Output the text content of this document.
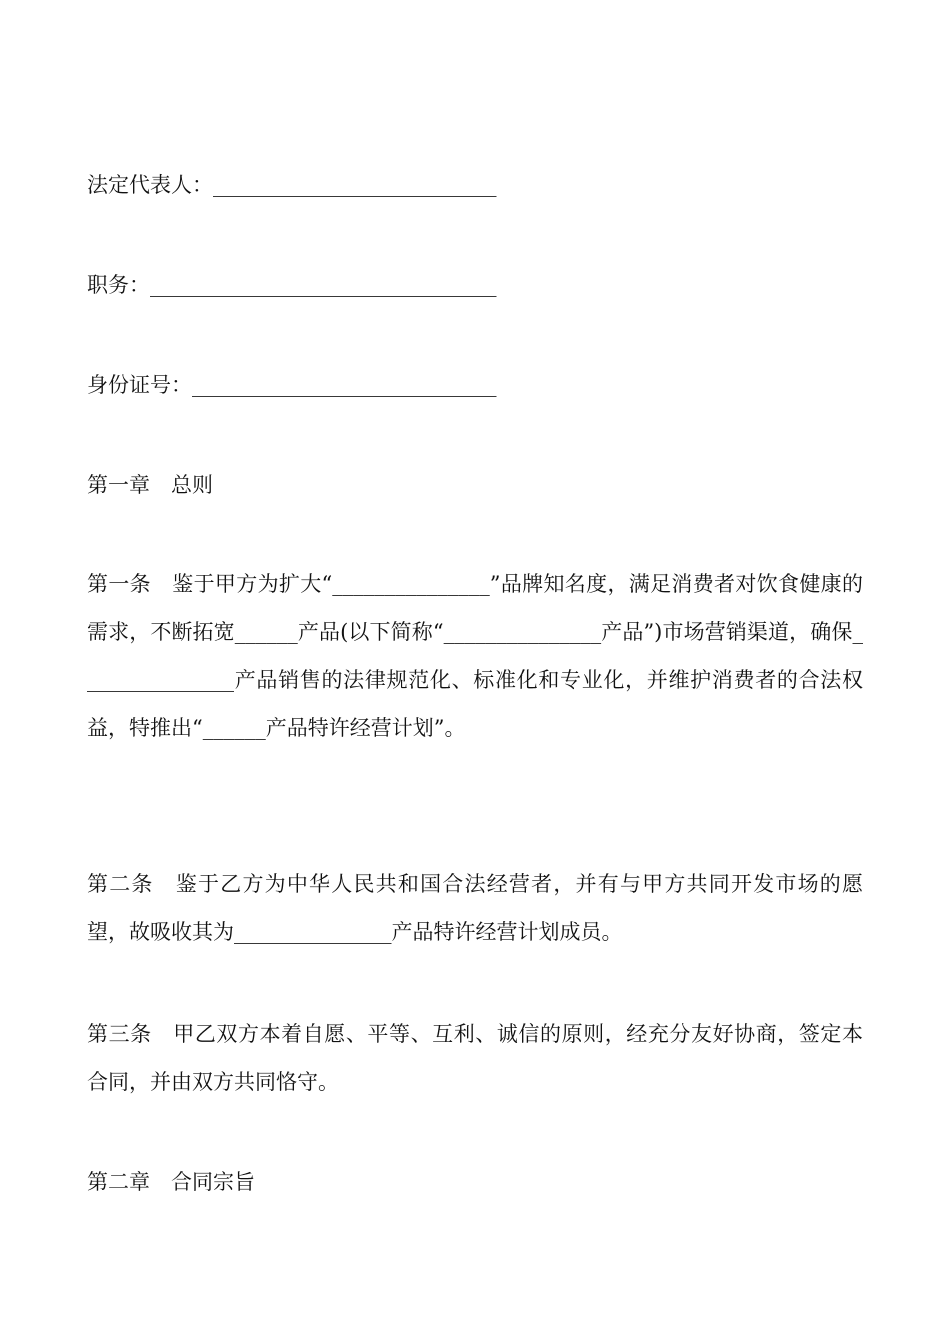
法定代表人：___________________________
职务：_________________________________
身份证号：_____________________________
第一章　总则

第一条　鉴于甲方为扩大“_______________”品牌知名度，满足消费者对饮食健康的需求，不断拓宽______产品(以下简称“_______________产品”)市场营销渠道，确保_______________产品销售的法律规范化、标准化和专业化，并维护消费者的合法权益，特推出“______产品特许经营计划”。

第二条　鉴于乙方为中华人民共和国合法经营者，并有与甲方共同开发市场的愿望，故吸收其为_______________产品特许经营计划成员。

第三条　甲乙双方本着自愿、平等、互利、诚信的原则，经充分友好协商，签定本合同，并由双方共同恪守。

第二章　合同宗旨
